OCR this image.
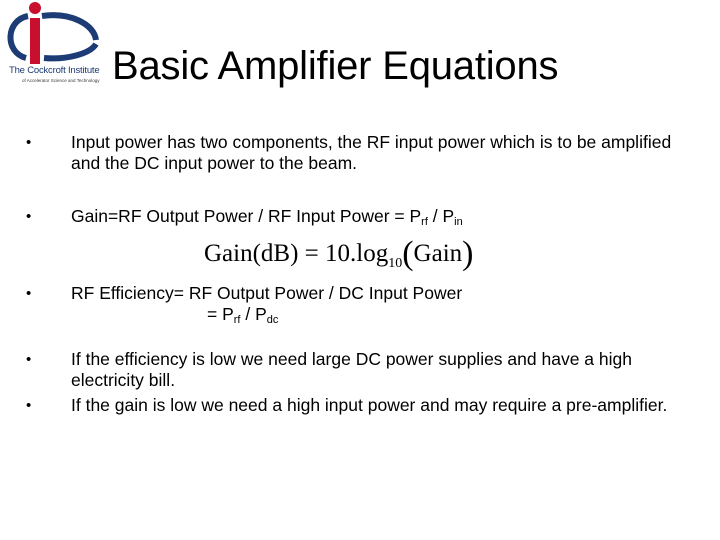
The Cockcroft Institute
of Accelerator Science and Technology Basic Amplifier Equations
• Input power has two components, the RF input power which is to be amplified and the DC input power to the beam.
• Gain=RF Output Power / RF Input Power = $P_{rf} / P_{in}$
Gain(dB) = $10.\log_{10}(Gain)$
• RF Efficiency= RF Output Power / DC Input Power
= $P_{rf} / P_{dc}$
• If the efficiency is low we need large DC power supplies and have a high electricity bill.
• If the gain is low we need a high input power and may require a pre-amplifier.
